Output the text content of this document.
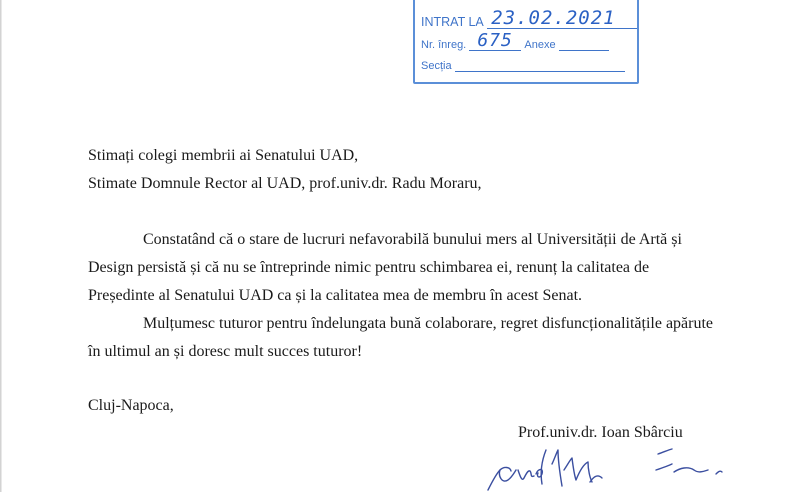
INTRAT LA 23.02.2021
Nr. înreg. 675 Anexe
Secția
Stimați colegi membrii ai Senatului UAD,
Stimate Domnule Rector al UAD, prof.univ.dr. Radu Moraru,
Constatând că o stare de lucruri nefavorabilă bunului mers al Universității de Artă și
Design persistă și că nu se întreprinde nimic pentru schimbarea ei, renunț la calitatea de
Președinte al Senatului UAD ca și la calitatea mea de membru în acest Senat.
Mulțumesc tuturor pentru îndelungata bună colaborare, regret disfuncționalitățile apărute
în ultimul an și doresc mult succes tuturor!
Cluj-Napoca,
Prof.univ.dr. Ioan Sbârciu
